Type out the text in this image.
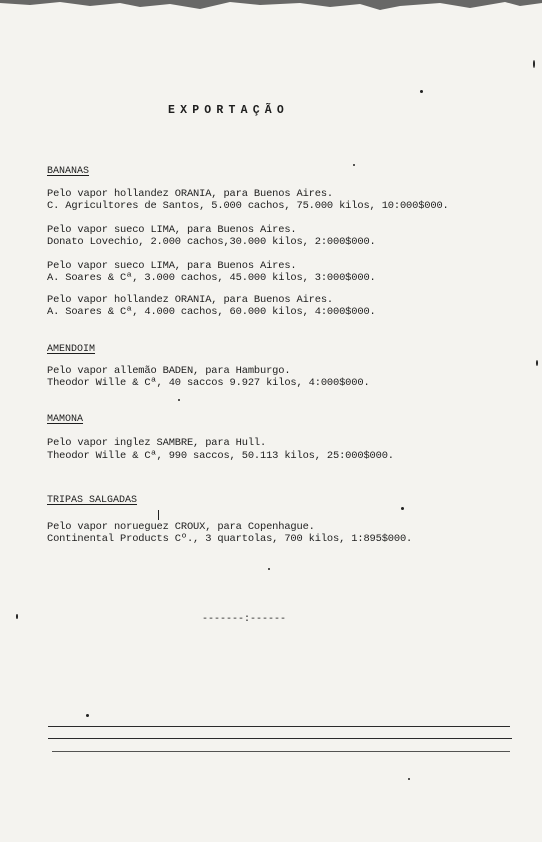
EXPORTAÇÃO
BANANAS
Pelo vapor hollandez ORANIA, para Buenos Aires.
C. Agricultores de Santos, 5.000 cachos, 75.000 kilos, 10:000$000.
Pelo vapor sueco LIMA, para Buenos Aires.
Donato Lovechio, 2.000 cachos,30.000 kilos, 2:000$000.
Pelo vapor sueco LIMA, para Buenos Aires.
A. Soares & Cª, 3.000 cachos, 45.000 kilos, 3:000$000.
Pelo vapor hollandez ORANIA, para Buenos Aires.
A. Soares & Cª, 4.000 cachos, 60.000 kilos, 4:000$000.
AMENDOIM
Pelo vapor allemão BADEN, para Hamburgo.
Theodor Wille & Cª, 40 saccos 9.927 kilos, 4:000$000.
MAMONA
Pelo vapor inglez SAMBRE, para Hull.
Theodor Wille & Cª, 990 saccos, 50.113 kilos, 25:000$000.
TRIPAS SALGADAS
Pelo vapor norueguez CROUX, para Copenhague.
Continental Products Cº., 3 quartolas, 700 kilos, 1:895$000.
-------:------
